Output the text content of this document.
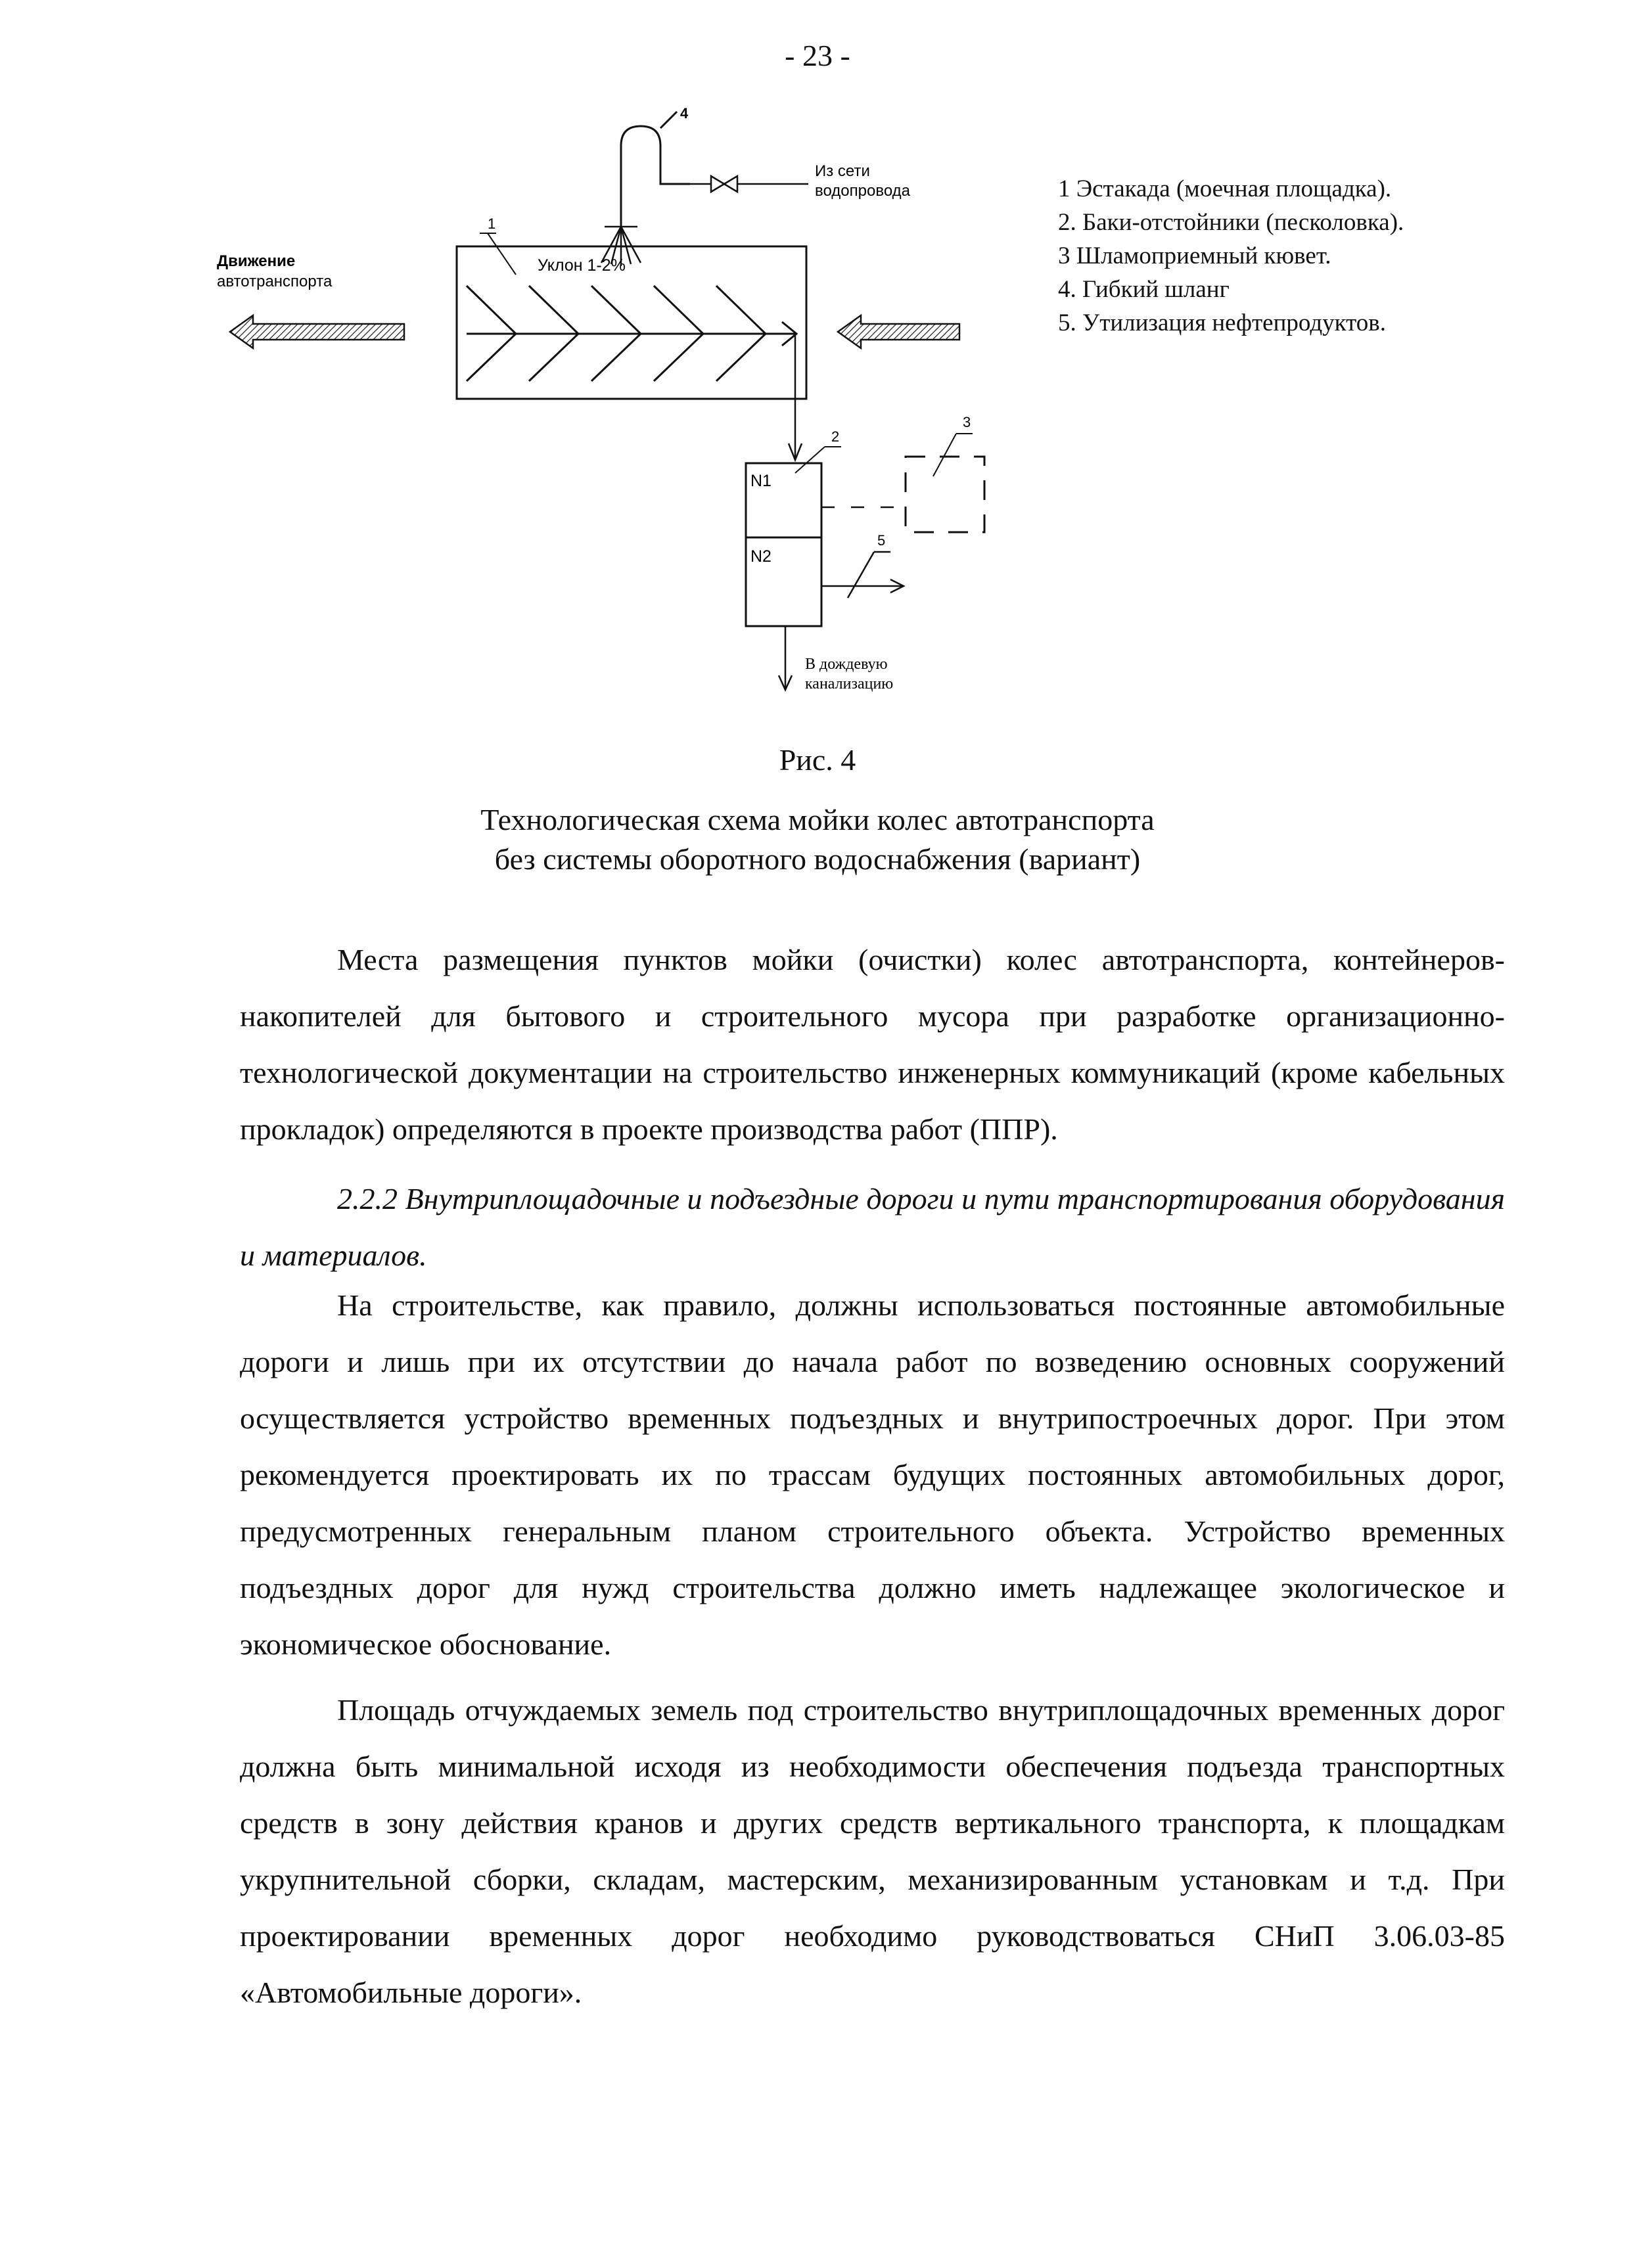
- 23 -
4
Из сети
водопровода
Движение
автотранспорта
1
Уклон 1-2%
N1
N2
2
3
5
В дождевую
канализацию
1 Эстакада (моечная площадка).
2. Баки-отстойники (песколовка).
3 Шламоприемный кювет.
4. Гибкий шланг
5. Утилизация нефтепродуктов.
Рис. 4
Технологическая схема мойки колес автотранспорта
без системы оборотного водоснабжения (вариант)
Места размещения пунктов мойки (очистки) колес автотранспорта, контейнеров-накопителей для бытового и строительного мусора при разработке организационно-технологической документации на строительство инженерных коммуникаций (кроме кабельных прокладок) определяются в проекте производства работ (ППР).
2.2.2 Внутриплощадочные и подъездные дороги и пути транспортирования оборудования и материалов.
На строительстве, как правило, должны использоваться постоянные автомобильные дороги и лишь при их отсутствии до начала работ по возведению основных сооружений осуществляется устройство временных подъездных и внутрипостроечных дорог. При этом рекомендуется проектировать их по трассам будущих постоянных автомобильных дорог, предусмотренных генеральным планом строительного объекта. Устройство временных подъездных дорог для нужд строительства должно иметь надлежащее экологическое и экономическое обоснование.
Площадь отчуждаемых земель под строительство внутриплощадочных временных дорог должна быть минимальной исходя из необходимости обеспечения подъезда транспортных средств в зону действия кранов и других средств вертикального транспорта, к площадкам укрупнительной сборки, складам, мастерским, механизированным установкам и т.д. При проектировании временных дорог необходимо руководствоваться СНиП 3.06.03-85 «Автомобильные дороги».
